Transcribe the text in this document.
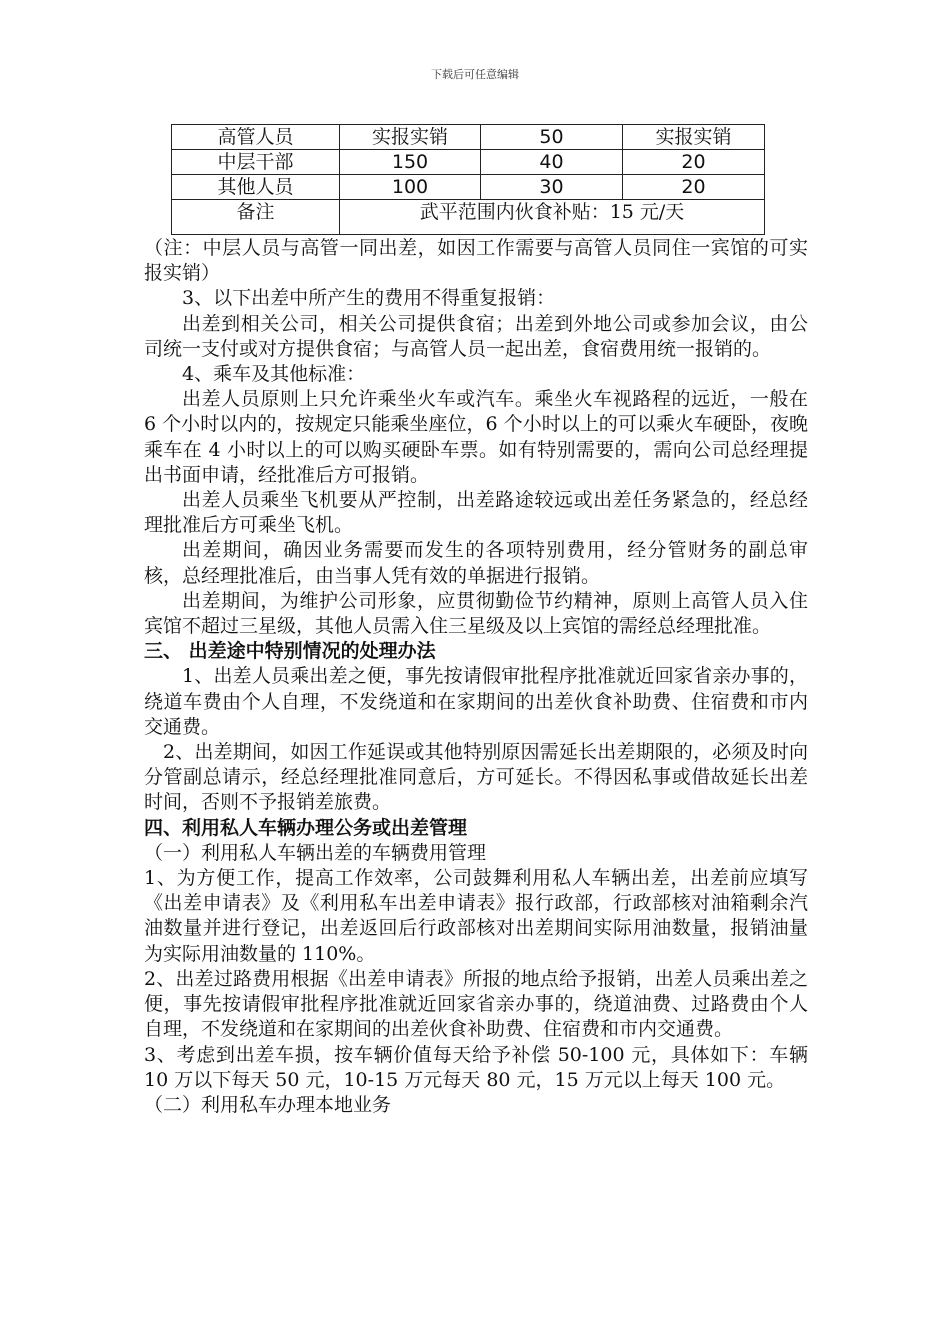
下载后可任意编辑
高管人员	实报实销	50	实报实销
中层干部	150	40	20
其他人员	100	30	20
备注	武平范围内伙食补贴：15 元/天		

（注：中层人员与高管一同出差，如因工作需要与高管人员同住一宾馆的可实报实销）

3、以下出差中所产生的费用不得重复报销：

出差到相关公司，相关公司提供食宿；出差到外地公司或参加会议，由公司统一支付或对方提供食宿；与高管人员一起出差，食宿费用统一报销的。

4、乘车及其他标准：

出差人员原则上只允许乘坐火车或汽车。乘坐火车视路程的远近，一般在 6 个小时以内的，按规定只能乘坐座位，6 个小时以上的可以乘火车硬卧，夜晚乘车在 4 小时以上的可以购买硬卧车票。如有特别需要的，需向公司总经理提出书面申请，经批准后方可报销。

出差人员乘坐飞机要从严控制，出差路途较远或出差任务紧急的，经总经理批准后方可乘坐飞机。

出差期间，确因业务需要而发生的各项特别费用，经分管财务的副总审核，总经理批准后，由当事人凭有效的单据进行报销。

出差期间，为维护公司形象，应贯彻勤俭节约精神，原则上高管人员入住宾馆不超过三星级，其他人员需入住三星级及以上宾馆的需经总经理批准。

三、 出差途中特别情况的处理办法

1、出差人员乘出差之便，事先按请假审批程序批准就近回家省亲办事的，绕道车费由个人自理，不发绕道和在家期间的出差伙食补助费、住宿费和市内交通费。

2、出差期间，如因工作延误或其他特别原因需延长出差期限的，必须及时向分管副总请示，经总经理批准同意后，方可延长。不得因私事或借故延长出差时间，否则不予报销差旅费。

四、利用私人车辆办理公务或出差管理

（一）利用私人车辆出差的车辆费用管理

1、为方便工作，提高工作效率，公司鼓舞利用私人车辆出差，出差前应填写《出差申请表》及《利用私车出差申请表》报行政部，行政部核对油箱剩余汽油数量并进行登记，出差返回后行政部核对出差期间实际用油数量，报销油量为实际用油数量的 110%。

2、出差过路费用根据《出差申请表》所报的地点给予报销，出差人员乘出差之便，事先按请假审批程序批准就近回家省亲办事的，绕道油费、过路费由个人自理，不发绕道和在家期间的出差伙食补助费、住宿费和市内交通费。

3、考虑到出差车损，按车辆价值每天给予补偿 50-100 元，具体如下：车辆 10 万以下每天 50 元，10-15 万元每天 80 元，15 万元以上每天 100 元。

（二）利用私车办理本地业务
